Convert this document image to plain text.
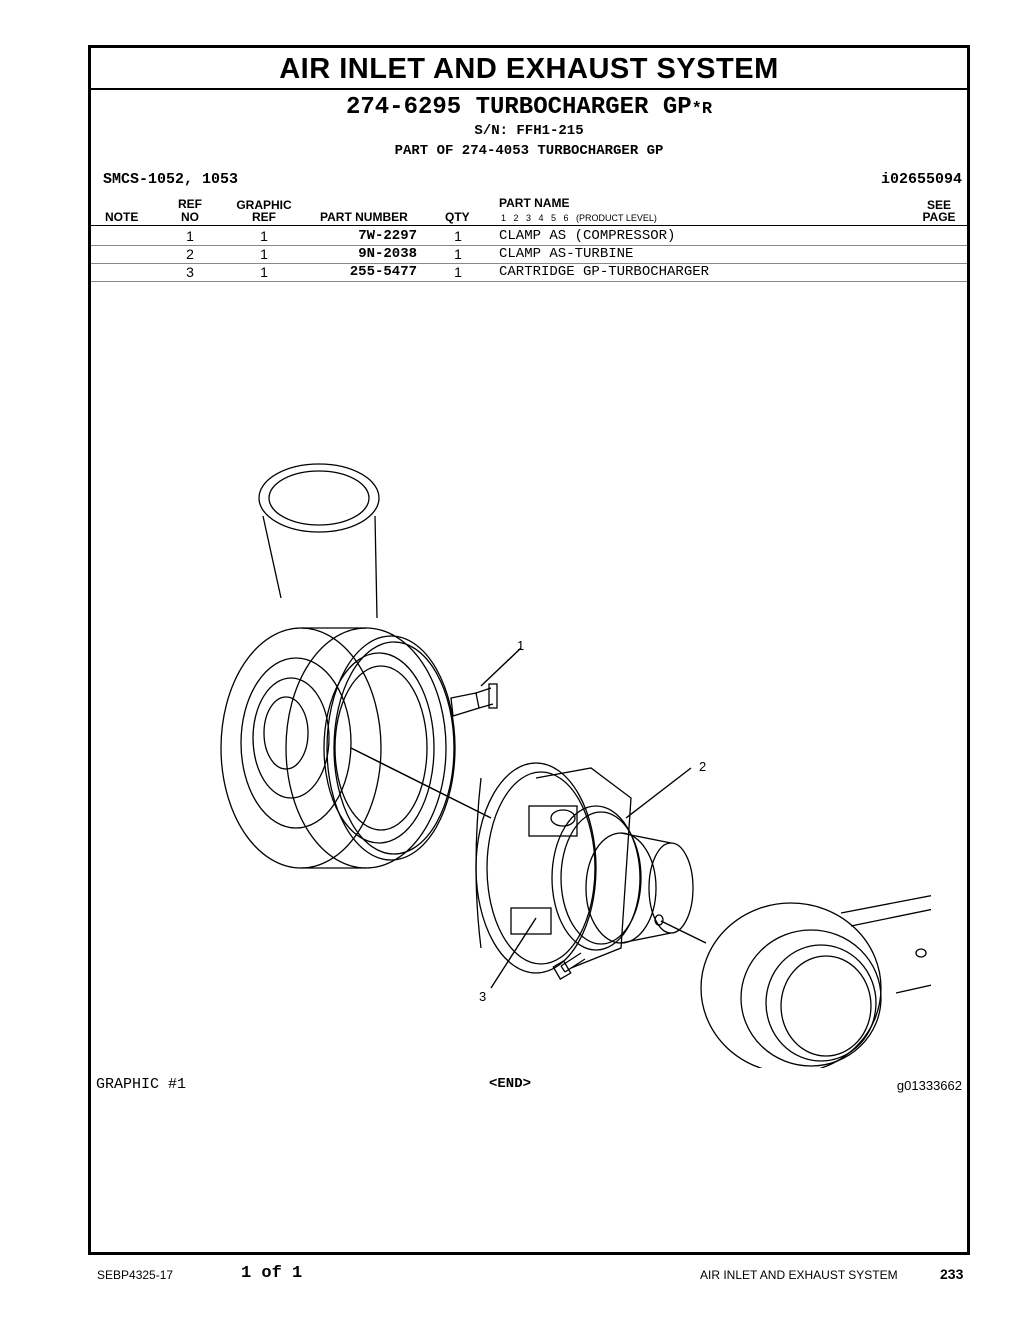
AIR INLET AND EXHAUST SYSTEM
274-6295 TURBOCHARGER GP*R
S/N: FFH1-215
PART OF 274-4053 TURBOCHARGER GP
SMCS-1052, 1053	i02655094
NOTE
REF
NO
GRAPHIC
REF	PART NUMBER	QTY
PART NAME
1   2   3   4   5   6   (PRODUCT LEVEL)
SEE
PAGE
1	1	7W-2297	1	CLAMP AS (COMPRESSOR)
2	1	9N-2038	1	CLAMP AS-TURBINE
3	1	255-5477	1	CARTRIDGE GP-TURBOCHARGER
1
2
3
GRAPHIC #1	<END>	g01333662
SEBP4325-17	1 of 1	AIR INLET AND EXHAUST SYSTEM	233
